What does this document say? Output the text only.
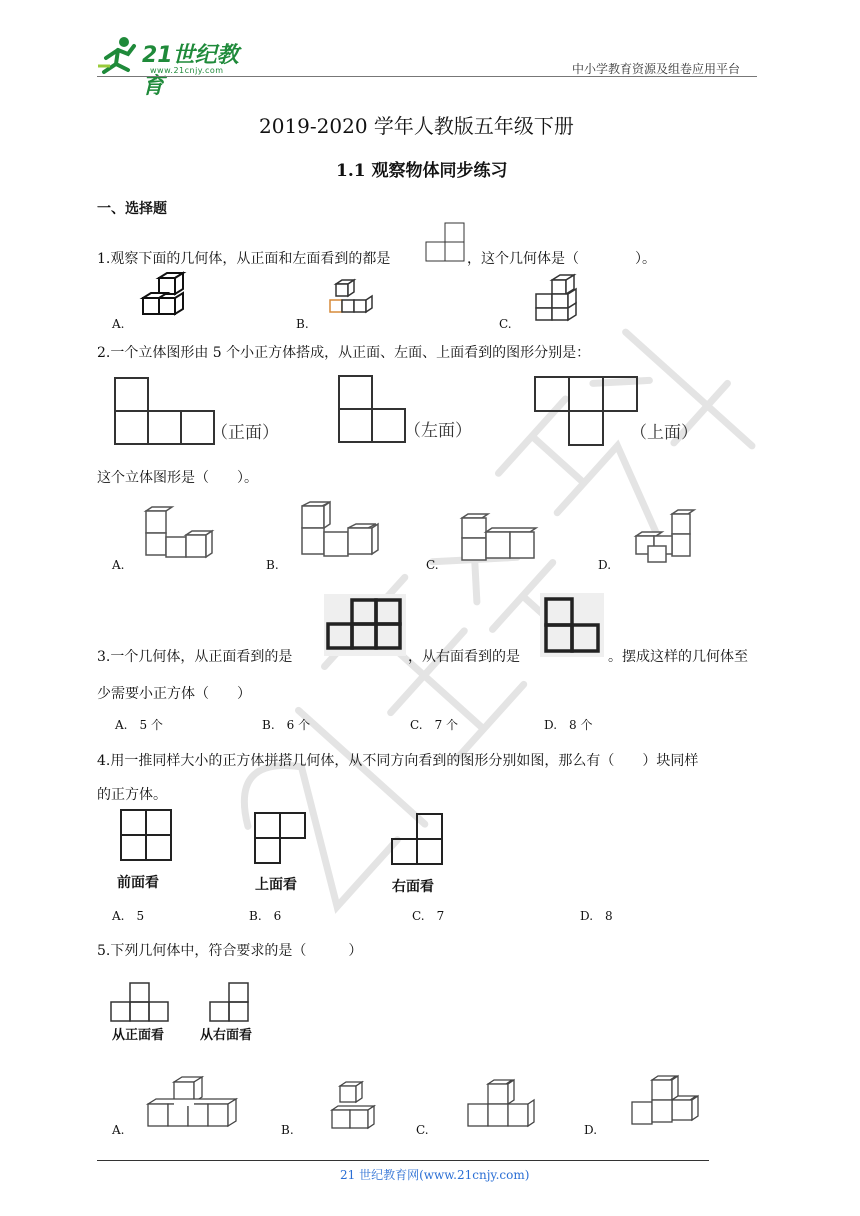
21世纪教育
www.21cnjy.com	中小学教育资源及组卷应用平台
2019-2020 学年人教版五年级下册
1.1 观察物体同步练习
一、选择题
1.观察下面的几何体，从正面和左面看到的都是	，这个几何体是（　　　　）。
A.	B.	C.
2.一个立体图形由 5 个小正方体搭成，从正面、左面、上面看到的图形分别是：
（正面）	（左面）	（上面）
这个立体图形是（　　）。
A.	B.	C.	D.
3.一个几何体，从正面看到的是	，从右面看到的是	。摆成这样的几何体至
少需要小正方体（　　）
A.　5 个	B.　6 个	C.　7 个	D.　8 个
4.用一推同样大小的正方体拼搭几何体，从不同方向看到的图形分别如图，那么有（　　）块同样
的正方体。
前面看	上面看	右面看
A.　5	B.　6	C.　7	D.　8
5.下列几何体中，符合要求的是（　　　）
从正面看	从右面看
A.	B.	C.	D.
21 世纪教育网(www.21cnjy.com)
